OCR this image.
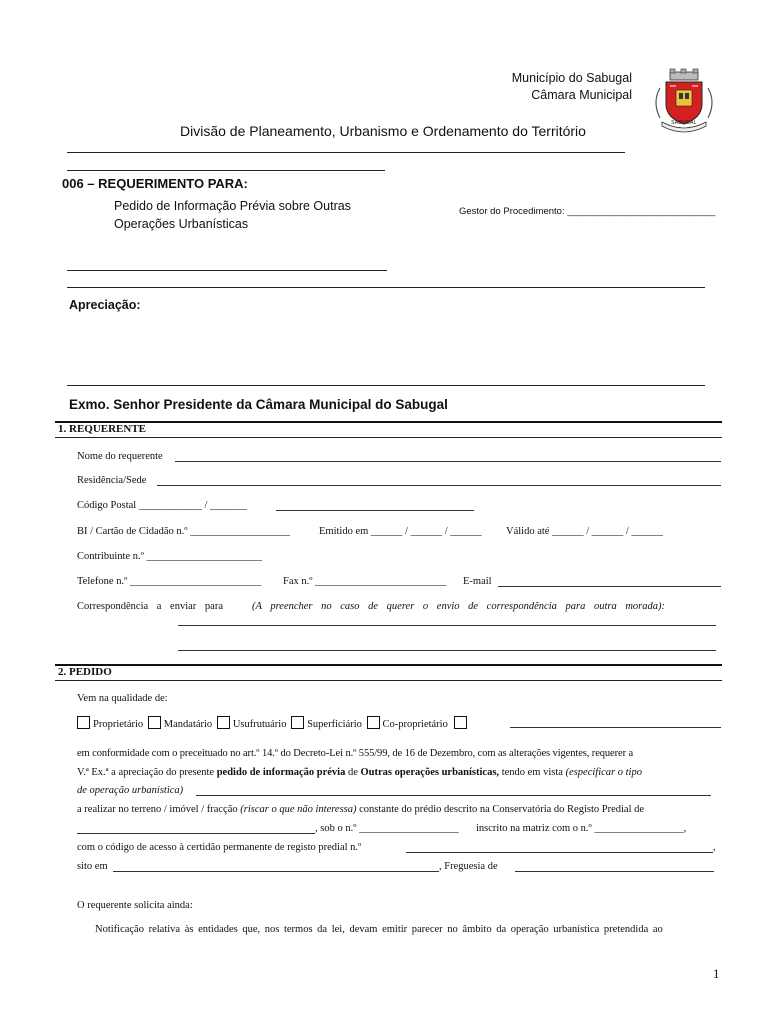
Município do Sabugal
Câmara Municipal
SABUGAL
Divisão de Planeamento, Urbanismo e Ordenamento do Território
006 – REQUERIMENTO PARA:
Pedido de Informação Prévia sobre Outras
Operações Urbanísticas
Gestor do Procedimento: ____________________________
Apreciação:
Exmo. Senhor Presidente da Câmara Municipal do Sabugal
1. REQUERENTE
Nome do requerente
Residência/Sede
Código Postal ____________ / _______
BI / Cartão de Cidadão n.º ___________________	Emitido em ______ / ______ / ______ Válido até ______ / ______ / ______
Contribuinte n.º ______________________
Telefone n.º _________________________ Fax n.º _________________________ E-mail
Correspondência a enviar para	(A preencher no caso de querer o envio de correspondência para outra morada):
2. PEDIDO
Vem na qualidade de:
Proprietário Mandatário Usufrutuário Superficiário Co-proprietário
em conformidade com o preceituado no art.º 14.º do Decreto-Lei n.º 555/99, de 16 de Dezembro, com as alterações vigentes, requerer a
V.ª Ex.ª a apreciação do presente pedido de informação prévia de Outras operações urbanísticas, tendo em vista (especificar o tipo
de operação urbanística)
a realizar no terreno / imóvel / fracção (riscar o que não interessa) constante do prédio descrito na Conservatória do Registo Predial de
, sob o n.º ___________________ inscrito na matriz com o n.º _________________,
com o código de acesso à certidão permanente de registo predial n.º	,
sito em	, Freguesia de
O requerente solicita ainda:
Notificação relativa às entidades que, nos termos da lei, devam emitir parecer no âmbito da operação urbanística pretendida ao
1
